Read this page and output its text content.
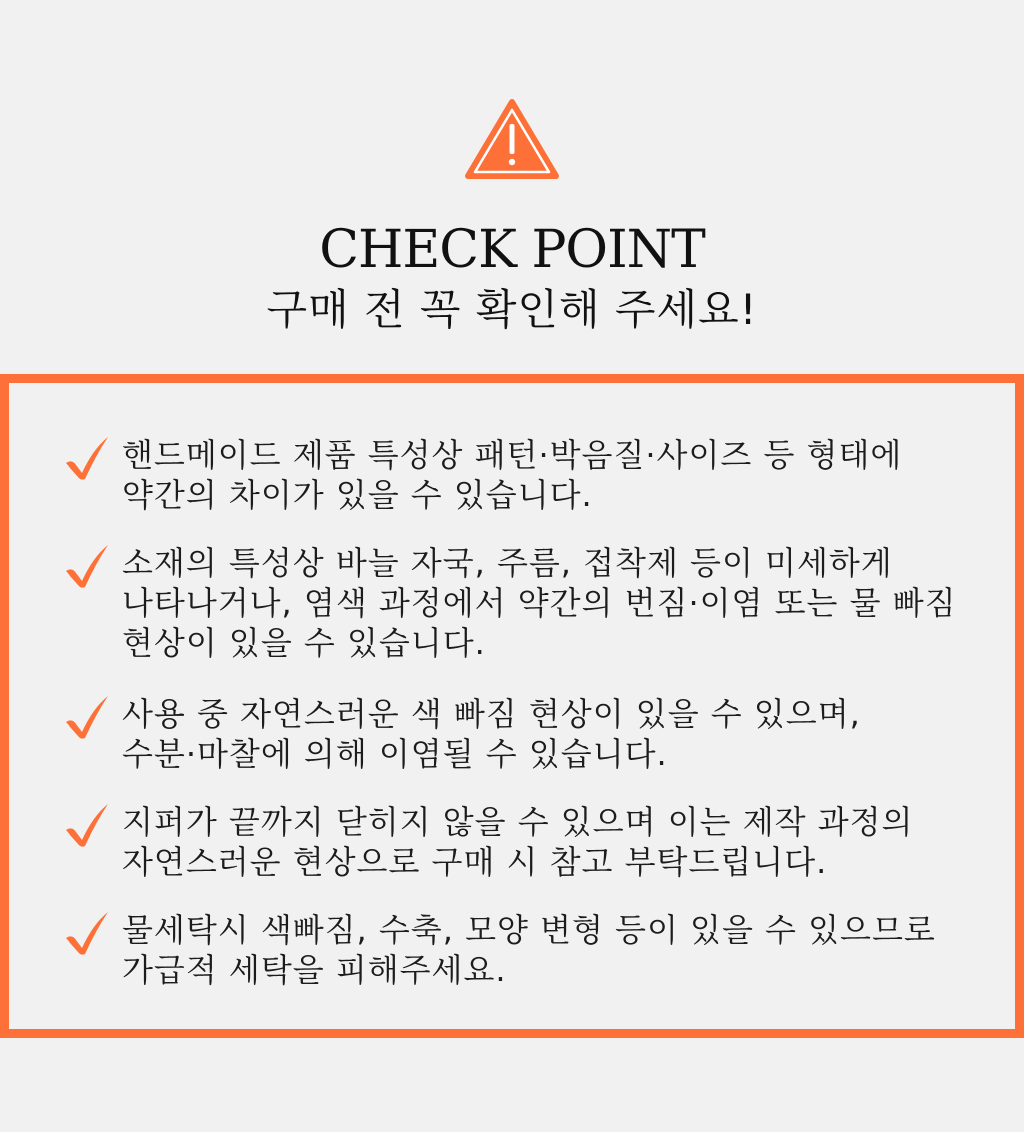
CHECK POINT
구매 전 꼭 확인해 주세요!
핸드메이드 제품 특성상 패턴·박음질·사이즈 등 형태에
약간의 차이가 있을 수 있습니다.
소재의 특성상 바늘 자국, 주름, 접착제 등이 미세하게
나타나거나, 염색 과정에서 약간의 번짐·이염 또는 물 빠짐
현상이 있을 수 있습니다.
사용 중 자연스러운 색 빠짐 현상이 있을 수 있으며,
수분·마찰에 의해 이염될 수 있습니다.
지퍼가 끝까지 닫히지 않을 수 있으며 이는 제작 과정의
자연스러운 현상으로 구매 시 참고 부탁드립니다.
물세탁시 색빠짐, 수축, 모양 변형 등이 있을 수 있으므로
가급적 세탁을 피해주세요.
